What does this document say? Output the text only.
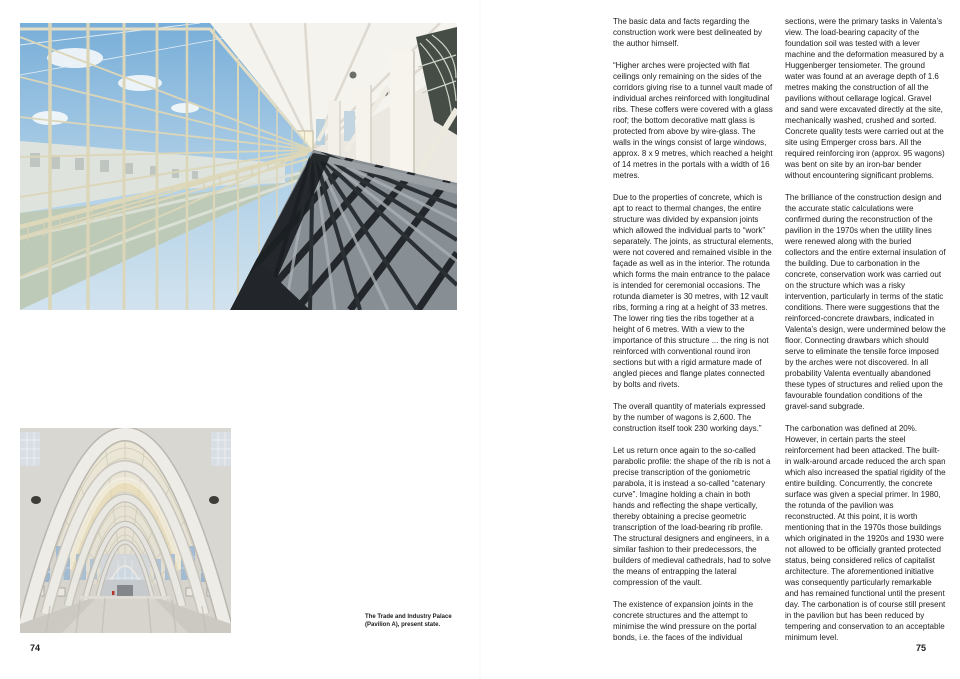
The Trade and Industry Palace (Pavilion A), present state.
74

The basic data and facts regarding the construction work were best delineated by the author himself.

“Higher arches were projected with flat ceilings only remaining on the sides of the corridors giving rise to a tunnel vault made of individual arches reinforced with longitudinal ribs. These coffers were covered with a glass roof; the bottom decorative matt glass is protected from above by wire-glass. The walls in the wings consist of large windows, approx. 8 x 9 metres, which reached a height of 14 metres in the portals with a width of 16 metres.

Due to the properties of concrete, which is apt to react to thermal changes, the entire structure was divided by expansion joints which allowed the individual parts to “work” separately. The joints, as structural elements, were not covered and remained visible in the façade as well as in the interior. The rotunda which forms the main entrance to the palace is intended for ceremonial occasions. The rotunda diameter is 30 metres, with 12 vault ribs, forming a ring at a height of 33 metres. The lower ring ties the ribs together at a height of 6 metres. With a view to the importance of this structure ... the ring is not reinforced with conventional round iron sections but with a rigid armature made of angled pieces and flange plates connected by bolts and rivets.

The overall quantity of materials expressed by the number of wagons is 2,600. The construction itself took 230 working days.”

Let us return once again to the so-called parabolic profile: the shape of the rib is not a precise transcription of the goniometric parabola, it is instead a so-called “catenary curve”. Imagine holding a chain in both hands and reflecting the shape vertically, thereby obtaining a precise geometric transcription of the load-bearing rib profile. The structural designers and engineers, in a similar fashion to their predecessors, the builders of medieval cathedrals, had to solve the means of entrapping the lateral compression of the vault.

The existence of expansion joints in the concrete structures and the attempt to minimise the wind pressure on the portal bonds, i.e. the faces of the individual

sections, were the primary tasks in Valenta’s view. The load-bearing capacity of the foundation soil was tested with a lever machine and the deformation measured by a Huggenberger tensiometer. The ground water was found at an average depth of 1.6 metres making the construction of all the pavilions without cellarage logical. Gravel and sand were excavated directly at the site, mechanically washed, crushed and sorted. Concrete quality tests were carried out at the site using Emperger cross bars. All the required reinforcing iron (approx. 95 wagons) was bent on site by an iron-bar bender without encountering significant problems.

The brilliance of the construction design and the accurate static calculations were confirmed during the reconstruction of the pavilion in the 1970s when the utility lines were renewed along with the buried collectors and the entire external insulation of the building. Due to carbonation in the concrete, conservation work was carried out on the structure which was a risky intervention, particularly in terms of the static conditions. There were suggestions that the reinforced-concrete drawbars, indicated in Valenta’s design, were undermined below the floor. Connecting drawbars which should serve to eliminate the tensile force imposed by the arches were not discovered. In all probability Valenta eventually abandoned these types of structures and relied upon the favourable foundation conditions of the gravel-sand subgrade.

The carbonation was defined at 20%. However, in certain parts the steel reinforcement had been attacked. The built- in walk-around arcade reduced the arch span which also increased the spatial rigidity of the entire building. Concurrently, the concrete surface was given a special primer. In 1980, the rotunda of the pavilion was reconstructed. At this point, it is worth mentioning that in the 1970s those buildings which originated in the 1920s and 1930 were not allowed to be officially granted protected status, being considered relics of capitalist architecture. The aforementioned initiative was consequently particularly remarkable and has remained functional until the present day. The carbonation is of course still present in the pavilion but has been reduced by tempering and conservation to an acceptable minimum level.

75
